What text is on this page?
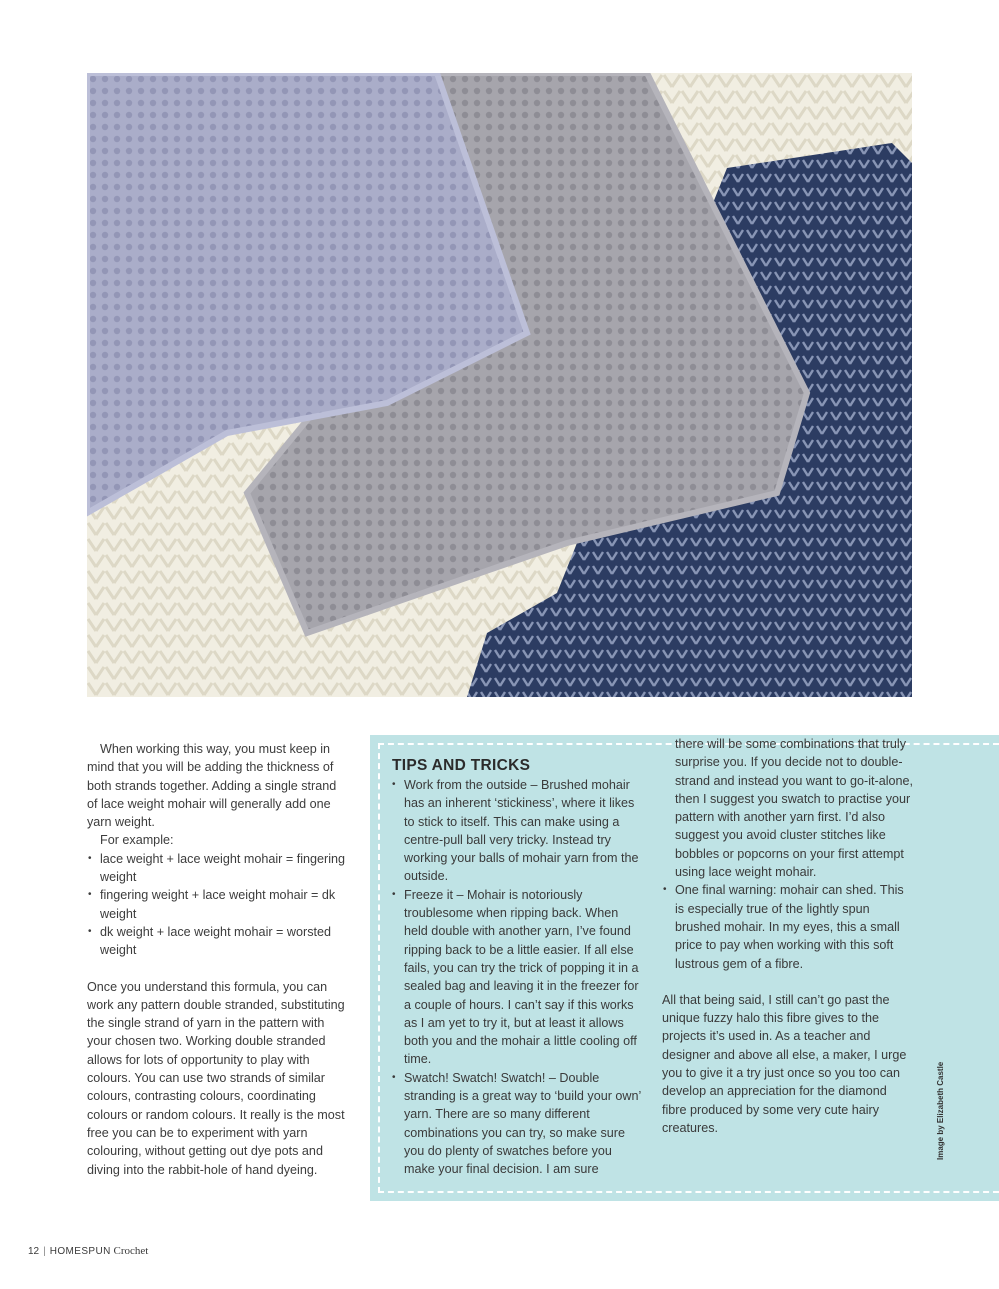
When working this way, you must keep in mind that you will be adding the thickness of both strands together. Adding a single strand of lace weight mohair will generally add one yarn weight.

For example:

• lace weight + lace weight mohair = fingering weight
• fingering weight + lace weight mohair = dk weight
• dk weight + lace weight mohair = worsted weight

Once you understand this formula, you can work any pattern double stranded, substituting the single strand of yarn in the pattern with your chosen two. Working double stranded allows for lots of opportunity to play with colours. You can use two strands of similar colours, contrasting colours, coordinating colours or random colours. It really is the most free you can be to experiment with yarn colouring, without getting out dye pots and diving into the rabbit-hole of hand dyeing.

TIPS AND TRICKS
• Work from the outside – Brushed mohair has an inherent ‘stickiness’, where it likes to stick to itself. This can make using a centre-pull ball very tricky. Instead try working your balls of mohair yarn from the outside.
• Freeze it – Mohair is notoriously troublesome when ripping back. When held double with another yarn, I’ve found ripping back to be a little easier. If all else fails, you can try the trick of popping it in a sealed bag and leaving it in the freezer for a couple of hours. I can’t say if this works as I am yet to try it, but at least it allows both you and the mohair a little cooling off time.
• Swatch! Swatch! Swatch! – Double stranding is a great way to ‘build your own’ yarn. There are so many different combinations you can try, so make sure you do plenty of swatches before you make your final decision. I am sure

there will be some combinations that truly surprise you. If you decide not to double-strand and instead you want to go-it-alone, then I suggest you swatch to practise your pattern with another yarn first. I’d also suggest you avoid cluster stitches like bobbles or popcorns on your first attempt using lace weight mohair.

• One final warning: mohair can shed. This is especially true of the lightly spun brushed mohair. In my eyes, this a small price to pay when working with this soft lustrous gem of a fibre.

All that being said, I still can’t go past the unique fuzzy halo this fibre gives to the projects it’s used in. As a teacher and designer and above all else, a maker, I urge you to give it a try just once so you too can develop an appreciation for the diamond fibre produced by some very cute hairy creatures.	Image by Elizabeth Castle
12 | HOMESPUN Crochet
